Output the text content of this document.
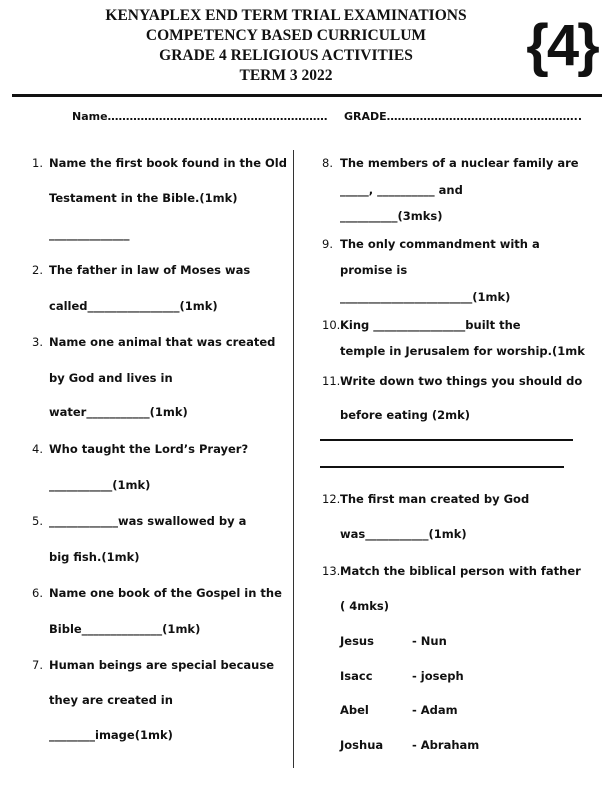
KENYAPLEX END TERM TRIAL EXAMINATIONS
COMPETENCY BASED CURRICULUM
GRADE 4 RELIGIOUS ACTIVITIES
TERM 3 2022	{4}
Name…………………………………………………… GRADE……………………………………………..
1. Name the first book found in the Old
Testament in the Bible.(1mk)
______________
2. The father in law of Moses was
called________________(1mk)
3. Name one animal that was created
by God and lives in
water___________(1mk)
4. Who taught the Lord’s Prayer?
___________(1mk)
5. ____________was swallowed by a
big fish.(1mk)
6. Name one book of the Gospel in the
Bible______________(1mk)
7. Human beings are special because
they are created in
________image(1mk)
8. The members of a nuclear family are
_____, __________ and
__________(3mks)
9. The only commandment with a
promise is
_______________________(1mk)
10. King ________________built the
temple in Jerusalem for worship.(1mk
11. Write down two things you should do
before eating (2mk)
12. The first man created by God
was___________(1mk)
13. Match the biblical person with father
( 4mks)
Jesus	- Nun
Isacc	- joseph
Abel	- Adam
Joshua	- Abraham
